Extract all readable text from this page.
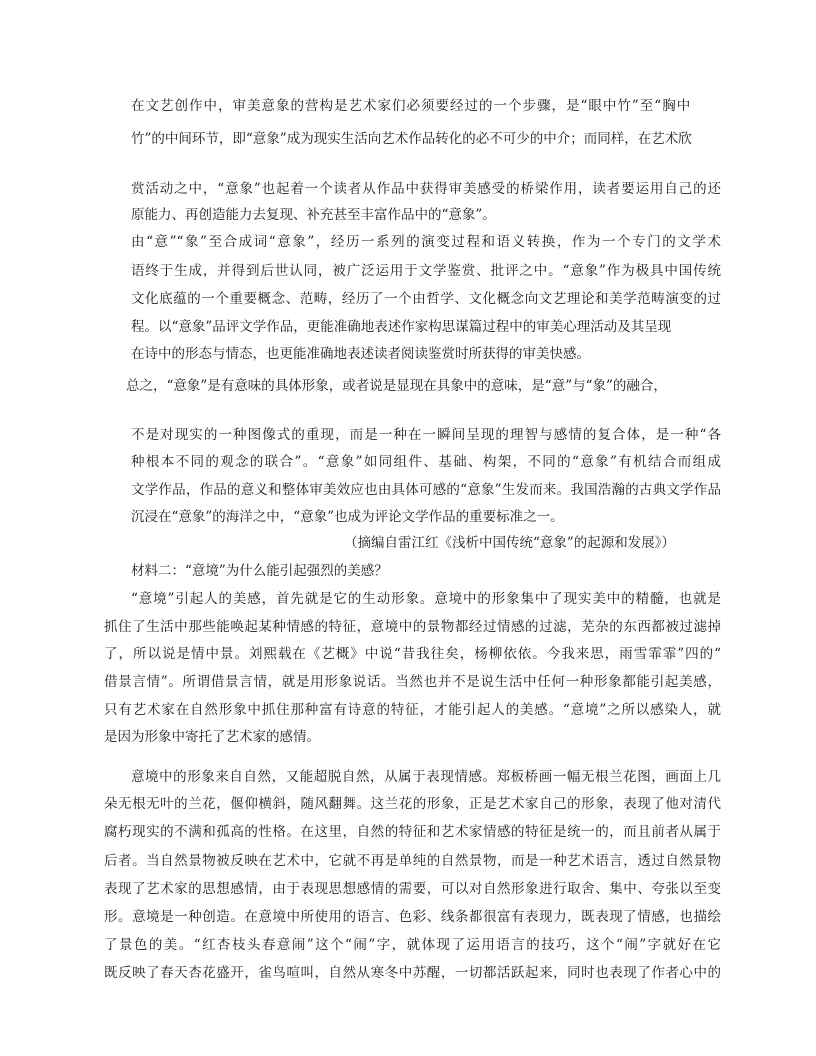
在文艺创作中，审美意象的营构是艺术家们必须要经过的一个步骤，是“眼中竹”至“胸中
竹”的中间环节，即“意象”成为现实生活向艺术作品转化的必不可少的中介；而同样，在艺术欣
赏活动之中，“意象”也起着一个读者从作品中获得审美感受的桥梁作用，读者要运用自己的还
原能力、再创造能力去复现、补充甚至丰富作品中的“意象”。
由“意”“象”至合成词“意象”，经历一系列的演变过程和语义转换，作为一个专门的文学术
语终于生成，并得到后世认同，被广泛运用于文学鉴赏、批评之中。“意象”作为极具中国传统
文化底蕴的一个重要概念、范畴，经历了一个由哲学、文化概念向文艺理论和美学范畴演变的过
程。以“意象”品评文学作品，更能准确地表述作家构思谋篇过程中的审美心理活动及其呈现
在诗中的形态与情态，也更能准确地表述读者阅读鉴赏时所获得的审美快感。
总之，“意象”是有意味的具体形象，或者说是显现在具象中的意味，是“意”与“象”的融合，
不是对现实的一种图像式的重现，而是一种在一瞬间呈现的理智与感情的复合体，是一种“各
种根本不同的观念的联合”。“意象”如同组件、基础、构架，不同的“意象”有机结合而组成
文学作品，作品的意义和整体审美效应也由具体可感的“意象”生发而来。我国浩瀚的古典文学作品
沉浸在“意象”的海洋之中，“意象”也成为评论文学作品的重要标准之一。
（摘编自雷江红《浅析中国传统“意象”的起源和发展》）
材料二：“意境”为什么能引起强烈的美感？
“意境”引起人的美感，首先就是它的生动形象。意境中的形象集中了现实美中的精髓，也就是
抓住了生活中那些能唤起某种情感的特征，意境中的景物都经过情感的过滤，芜杂的东西都被过滤掉
了，所以说是情中景。刘熙载在《艺概》中说“昔我往矣，杨柳依依。今我来思，雨雪霏霏”四的“
借景言情”。所谓借景言情，就是用形象说话。当然也并不是说生活中任何一种形象都能引起美感，
只有艺术家在自然形象中抓住那种富有诗意的特征，才能引起人的美感。“意境”之所以感染人，就
是因为形象中寄托了艺术家的感情。
意境中的形象来自自然，又能超脱自然，从属于表现情感。郑板桥画一幅无根兰花图，画面上几
朵无根无叶的兰花，偃仰横斜，随风翻舞。这兰花的形象，正是艺术家自己的形象，表现了他对清代
腐朽现实的不满和孤高的性格。在这里，自然的特征和艺术家情感的特征是统一的，而且前者从属于
后者。当自然景物被反映在艺术中，它就不再是单纯的自然景物，而是一种艺术语言，透过自然景物
表现了艺术家的思想感情，由于表现思想感情的需要，可以对自然形象进行取舍、集中、夸张以至变
形。意境是一种创造。在意境中所使用的语言、色彩、线条都很富有表现力，既表现了情感，也描绘
了景色的美。“红杏枝头春意闹”这个“闹”字，就体现了运用语言的技巧，这个“闹”字就好在它
既反映了春天杏花盛开，雀鸟喧叫，自然从寒冬中苏醒，一切都活跃起来，同时也表现了作者心中的
